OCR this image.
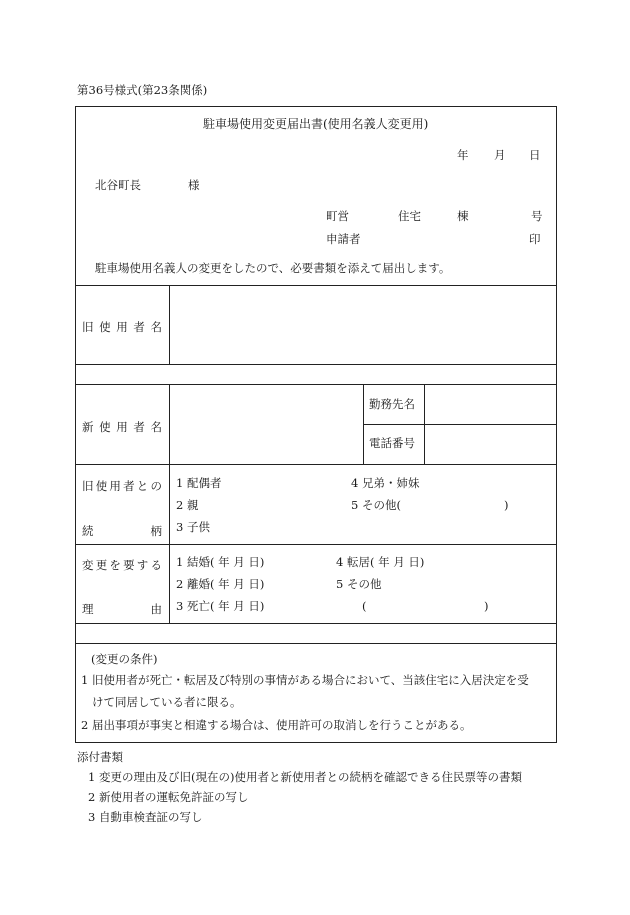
第36号様式(第23条関係)
駐車場使用変更届出書(使用名義人変更用)
年 月 日
北谷町長	様
町営	住宅	棟	号
申請者	印
駐車場使用名義人の変更をしたので、必要書類を添えて届出します。
旧 使 用 者 名
新 使 用 者 名
勤務先名
電話番号
旧 使 用 者 と の
続	柄
1 配偶者
2 親
3 子供
4 兄弟・姉妹
5 その他(	)
変 更 を 要 す る
理	由
1 結婚( 年 月 日)
2 離婚( 年 月 日)
3 死亡( 年 月 日)
4 転居( 年 月 日)
5 その他
(	)
(変更の条件)
1 旧使用者が死亡・転居及び特別の事情がある場合において、当該住宅に入居決定を受
けて同居している者に限る。
2 届出事項が事実と相違する場合は、使用許可の取消しを行うことがある。
添付書類
1 変更の理由及び旧(現在の)使用者と新使用者との続柄を確認できる住民票等の書類
2 新使用者の運転免許証の写し
3 自動車検査証の写し
